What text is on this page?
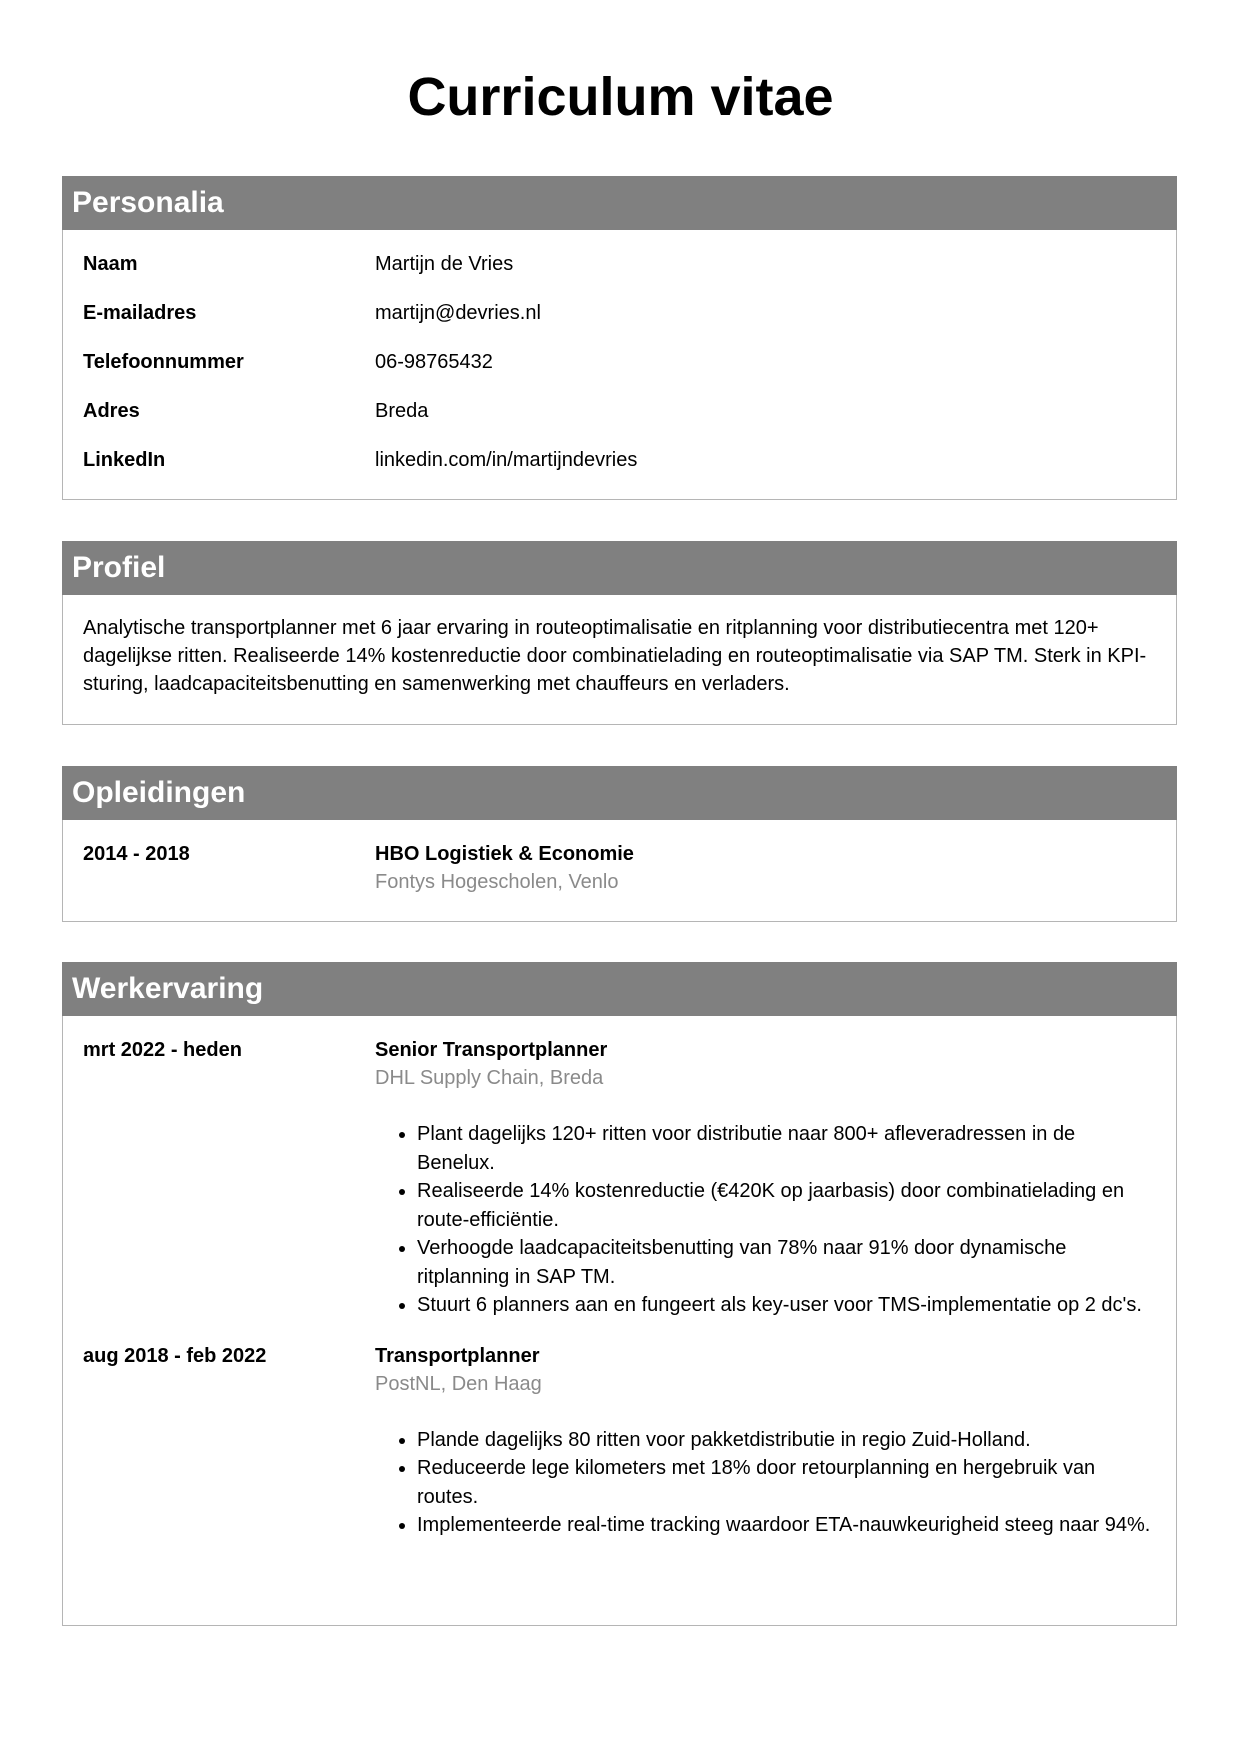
Curriculum vitae
Personalia
Naam	Martijn de Vries
E-mailadres	martijn@devries.nl
Telefoonnummer	06-98765432
Adres	Breda
LinkedIn	linkedin.com/in/martijndevries
Profiel
Analytische transportplanner met 6 jaar ervaring in routeoptimalisatie en ritplanning voor distributiecentra met 120+ dagelijkse ritten. Realiseerde 14% kostenreductie door combinatielading en routeoptimalisatie via SAP TM. Sterk in KPI-sturing, laadcapaciteitsbenutting en samenwerking met chauffeurs en verladers.
Opleidingen
2014 - 2018	HBO Logistiek & Economie
Fontys Hogescholen, Venlo
Werkervaring
mrt 2022 - heden	Senior Transportplanner
DHL Supply Chain, Breda
• Plant dagelijks 120+ ritten voor distributie naar 800+ afleveradressen in de Benelux.
• Realiseerde 14% kostenreductie (€420K op jaarbasis) door combinatielading en route-efficiëntie.
• Verhoogde laadcapaciteitsbenutting van 78% naar 91% door dynamische ritplanning in SAP TM.
• Stuurt 6 planners aan en fungeert als key-user voor TMS-implementatie op 2 dc's.
aug 2018 - feb 2022	Transportplanner
PostNL, Den Haag
• Plande dagelijks 80 ritten voor pakketdistributie in regio Zuid-Holland.
• Reduceerde lege kilometers met 18% door retourplanning en hergebruik van routes.
• Implementeerde real-time tracking waardoor ETA-nauwkeurigheid steeg naar 94%.
